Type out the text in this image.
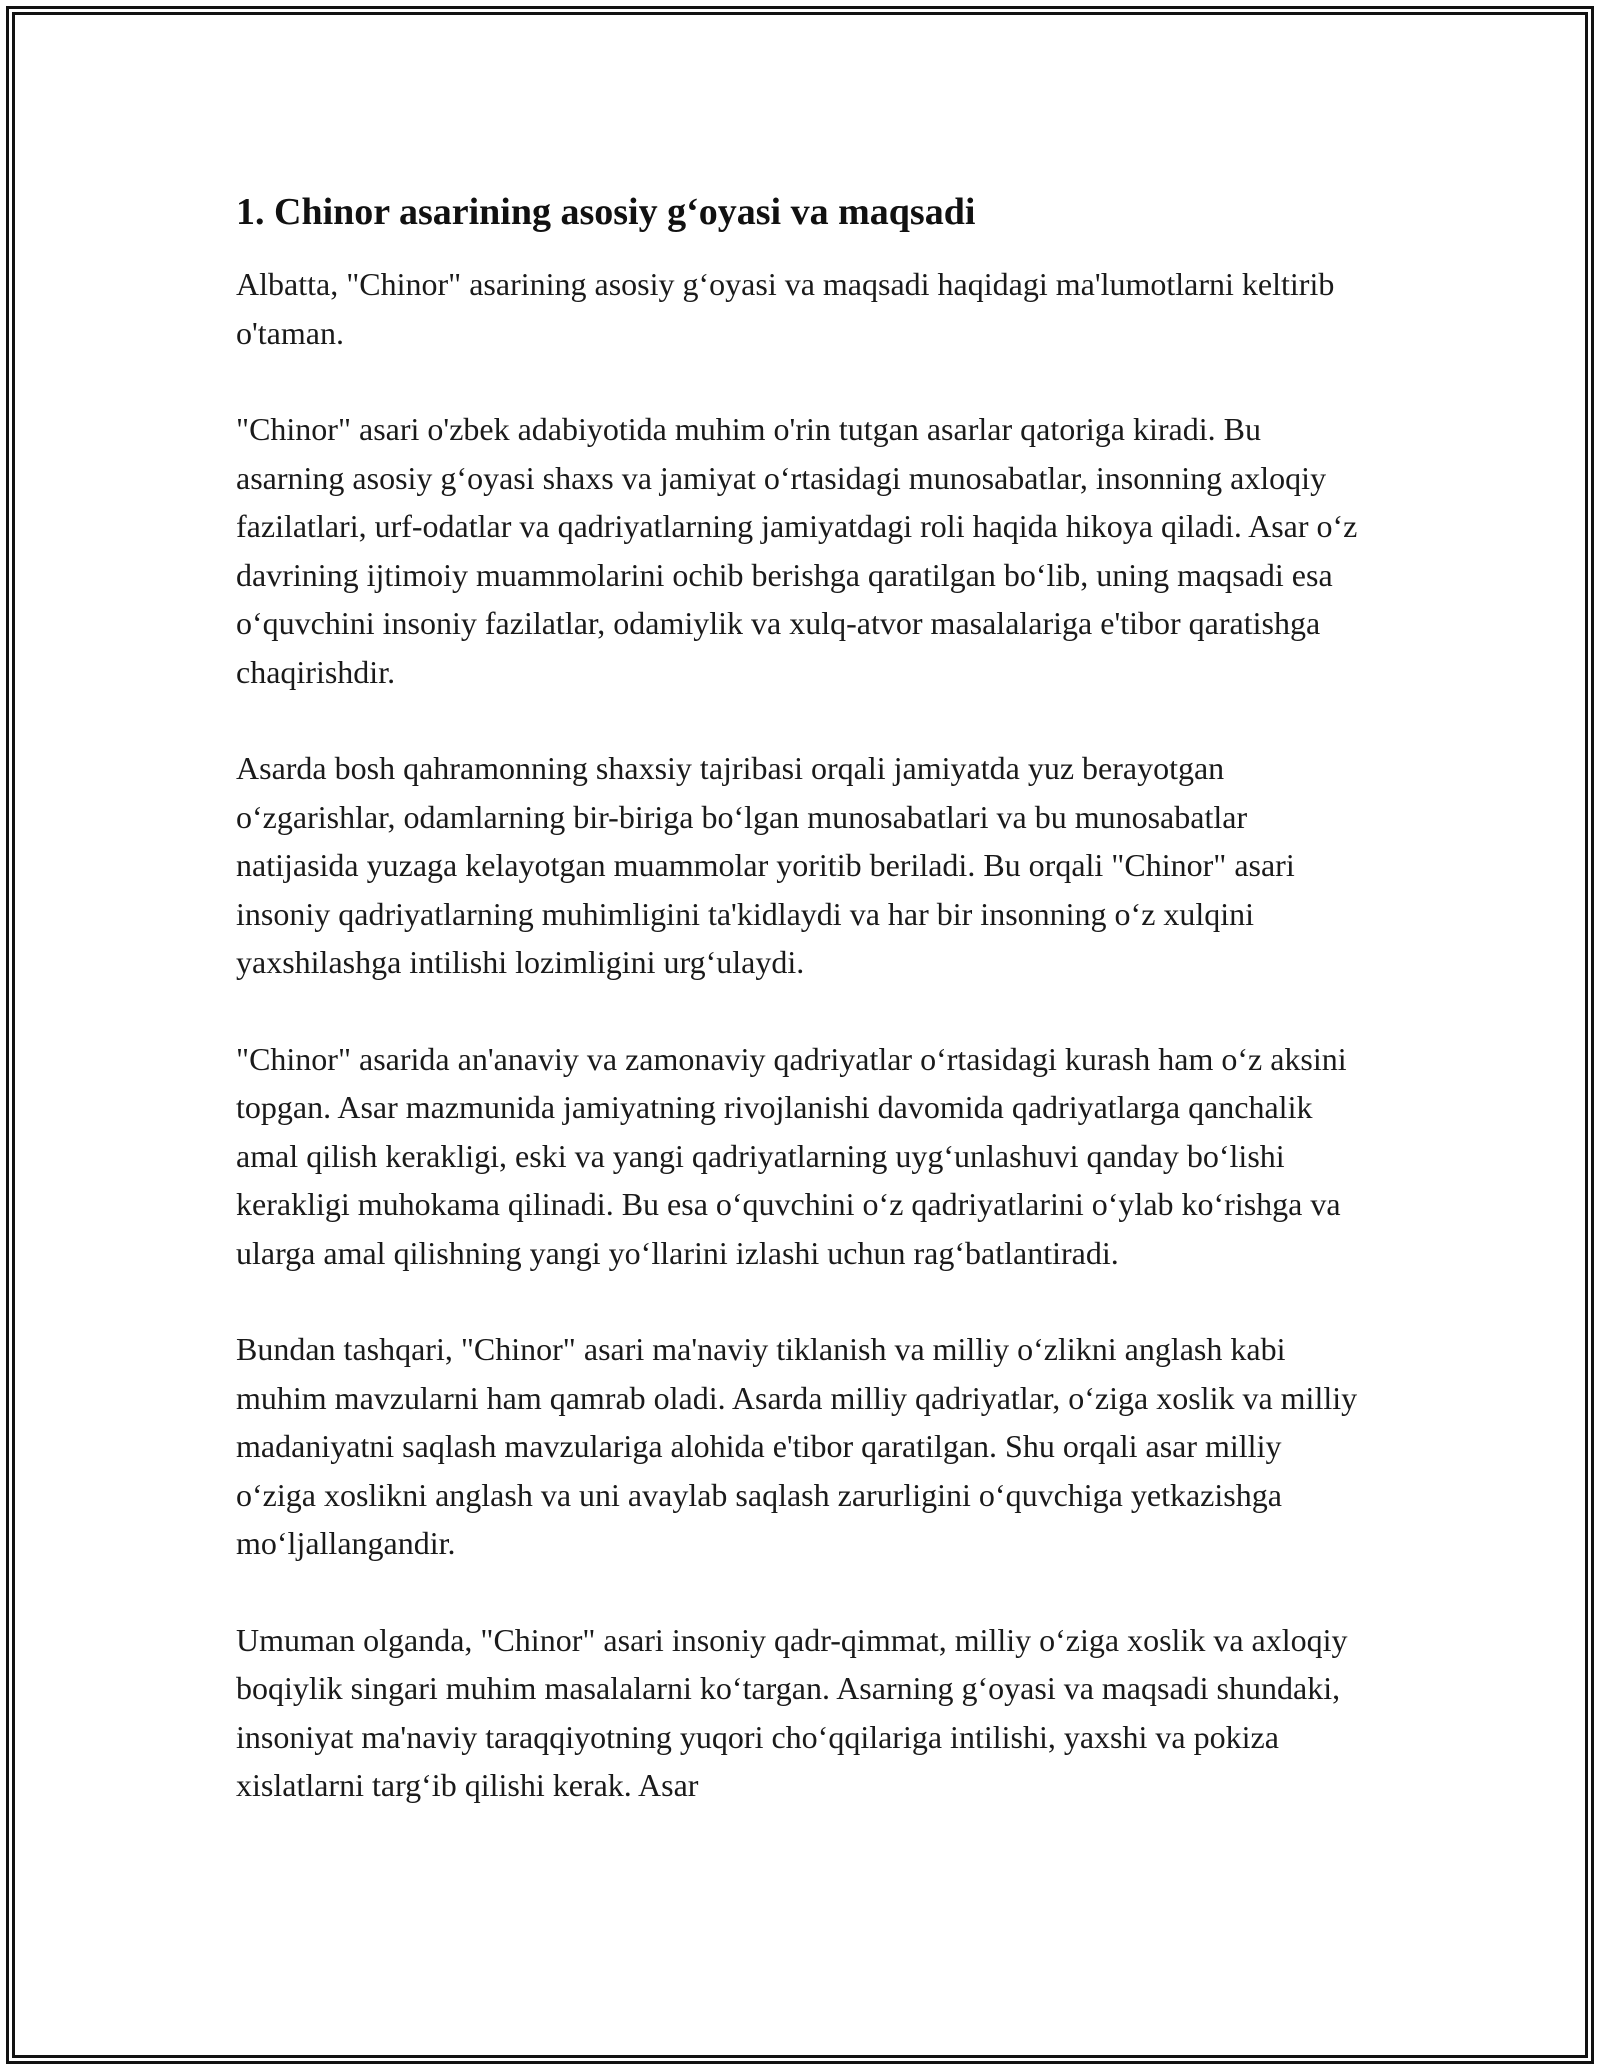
1. Chinor asarining asosiy g‘oyasi va maqsadi

Albatta, "Chinor" asarining asosiy g‘oyasi va maqsadi haqidagi ma'lumotlarni keltirib o'taman.

"Chinor" asari o'zbek adabiyotida muhim o'rin tutgan asarlar qatoriga kiradi. Bu asarning asosiy g‘oyasi shaxs va jamiyat o‘rtasidagi munosabatlar, insonning axloqiy fazilatlari, urf-odatlar va qadriyatlarning jamiyatdagi roli haqida hikoya qiladi. Asar o‘z davrining ijtimoiy muammolarini ochib berishga qaratilgan bo‘lib, uning maqsadi esa o‘quvchini insoniy fazilatlar, odamiylik va xulq-atvor masalalariga e'tibor qaratishga chaqirishdir.

Asarda bosh qahramonning shaxsiy tajribasi orqali jamiyatda yuz berayotgan o‘zgarishlar, odamlarning bir-biriga bo‘lgan munosabatlari va bu munosabatlar natijasida yuzaga kelayotgan muammolar yoritib beriladi. Bu orqali "Chinor" asari insoniy qadriyatlarning muhimligini ta'kidlaydi va har bir insonning o‘z xulqini yaxshilashga intilishi lozimligini urg‘ulaydi.

"Chinor" asarida an'anaviy va zamonaviy qadriyatlar o‘rtasidagi kurash ham o‘z aksini topgan. Asar mazmunida jamiyatning rivojlanishi davomida qadriyatlarga qanchalik amal qilish kerakligi, eski va yangi qadriyatlarning uyg‘unlashuvi qanday bo‘lishi kerakligi muhokama qilinadi. Bu esa o‘quvchini o‘z qadriyatlarini o‘ylab ko‘rishga va ularga amal qilishning yangi yo‘llarini izlashi uchun rag‘batlantiradi.

Bundan tashqari, "Chinor" asari ma'naviy tiklanish va milliy o‘zlikni anglash kabi muhim mavzularni ham qamrab oladi. Asarda milliy qadriyatlar, o‘ziga xoslik va milliy madaniyatni saqlash mavzulariga alohida e'tibor qaratilgan. Shu orqali asar milliy o‘ziga xoslikni anglash va uni avaylab saqlash zarurligini o‘quvchiga yetkazishga mo‘ljallangandir.

Umuman olganda, "Chinor" asari insoniy qadr-qimmat, milliy o‘ziga xoslik va axloqiy boqiylik singari muhim masalalarni ko‘targan. Asarning g‘oyasi va maqsadi shundaki, insoniyat ma'naviy taraqqiyotning yuqori cho‘qqilariga intilishi, yaxshi va pokiza xislatlarni targ‘ib qilishi kerak. Asar
